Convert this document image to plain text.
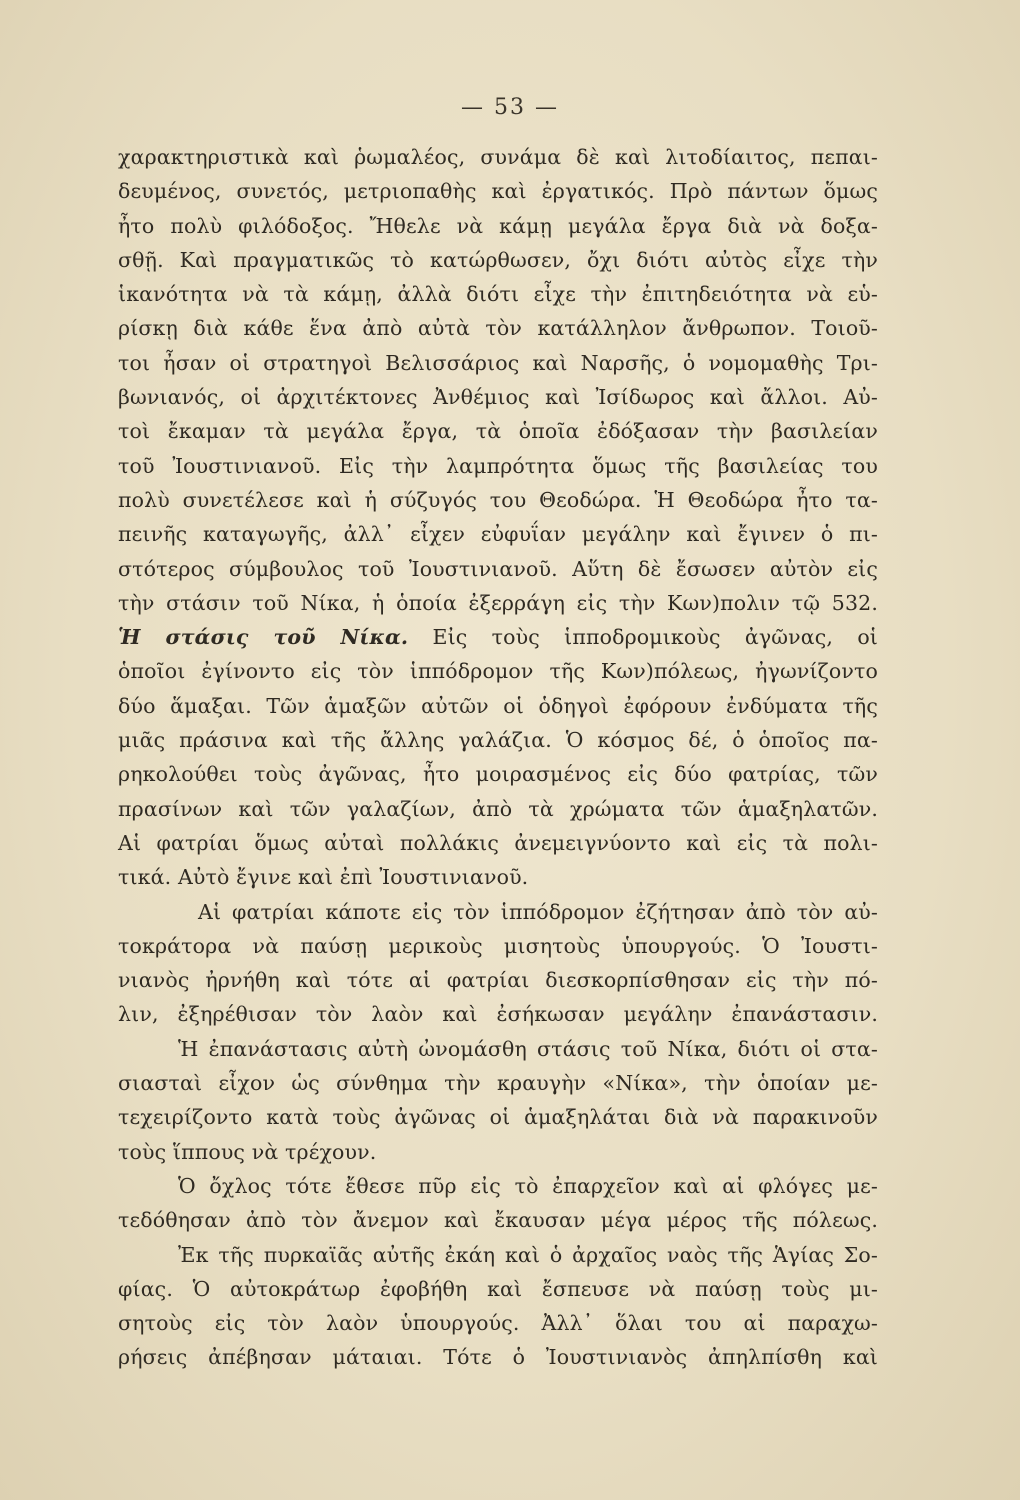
— 53 —
χαρακτηριστικὰ καὶ ῥωμαλέος, συνάμα δὲ καὶ λιτοδίαιτος, πεπαι-
δευμένος, συνετός, μετριοπαθὴς καὶ ἐργατικός. Πρὸ πάντων ὅμως
ἦτο πολὺ φιλόδοξος. Ἤθελε νὰ κάμῃ μεγάλα ἔργα διὰ νὰ δοξα-
σθῇ. Καὶ πραγματικῶς τὸ κατώρθωσεν, ὄχι διότι αὐτὸς εἶχε τὴν
ἱκανότητα νὰ τὰ κάμῃ, ἀλλὰ διότι εἶχε τὴν ἐπιτηδειότητα νὰ εὑ-
ρίσκῃ διὰ κάθε ἕνα ἀπὸ αὐτὰ τὸν κατάλληλον ἄνθρωπον. Τοιοῦ-
τοι ἦσαν οἱ στρατηγοὶ Βελισσάριος καὶ Ναρσῆς, ὁ νομομαθὴς Τρι-
βωνιανός, οἱ ἀρχιτέκτονες Ἀνθέμιος καὶ Ἰσίδωρος καὶ ἄλλοι. Αὐ-
τοὶ ἔκαμαν τὰ μεγάλα ἔργα, τὰ ὁποῖα ἐδόξασαν τὴν βασιλείαν
τοῦ Ἰουστινιανοῦ. Εἰς τὴν λαμπρότητα ὅμως τῆς βασιλείας του
πολὺ συνετέλεσε καὶ ἡ σύζυγός του Θεοδώρα. Ἡ Θεοδώρα ἦτο τα-
πεινῆς καταγωγῆς, ἀλλ᾽ εἶχεν εὐφυΐαν μεγάλην καὶ ἔγινεν ὁ πι-
στότερος σύμβουλος τοῦ Ἰουστινιανοῦ. Αὕτη δὲ ἔσωσεν αὐτὸν εἰς
τὴν στάσιν τοῦ Νίκα, ἡ ὁποία ἐξερράγη εἰς τὴν Κων)πολιν τῷ 532.
Ἡ στάσις τοῦ Νίκα. Εἰς τοὺς ἱπποδρομικοὺς ἀγῶνας, οἱ
ὁποῖοι ἐγίνοντο εἰς τὸν ἱππόδρομον τῆς Κων)πόλεως, ἠγωνίζοντο
δύο ἅμαξαι. Τῶν ἁμαξῶν αὐτῶν οἱ ὁδηγοὶ ἐφόρουν ἐνδύματα τῆς
μιᾶς πράσινα καὶ τῆς ἄλλης γαλάζια. Ὁ κόσμος δέ, ὁ ὁποῖος πα-
ρηκολούθει τοὺς ἀγῶνας, ἦτο μοιρασμένος εἰς δύο φατρίας, τῶν
πρασίνων καὶ τῶν γαλαζίων, ἀπὸ τὰ χρώματα τῶν ἁμαξηλατῶν.
Αἱ φατρίαι ὅμως αὐταὶ πολλάκις ἀνεμειγνύοντο καὶ εἰς τὰ πολι-
τικά. Αὐτὸ ἔγινε καὶ ἐπὶ Ἰουστινιανοῦ.
Αἱ φατρίαι κάποτε εἰς τὸν ἱππόδρομον ἐζήτησαν ἀπὸ τὸν αὐ-
τοκράτορα νὰ παύσῃ μερικοὺς μισητοὺς ὑπουργούς. Ὁ Ἰουστι-
νιανὸς ἠρνήθη καὶ τότε αἱ φατρίαι διεσκορπίσθησαν εἰς τὴν πό-
λιν, ἐξηρέθισαν τὸν λαὸν καὶ ἐσήκωσαν μεγάλην ἐπανάστασιν.
Ἡ ἐπανάστασις αὐτὴ ὠνομάσθη στάσις τοῦ Νίκα, διότι οἱ στα-
σιασταὶ εἶχον ὡς σύνθημα τὴν κραυγὴν «Νίκα», τὴν ὁποίαν με-
τεχειρίζοντο κατὰ τοὺς ἀγῶνας οἱ ἁμαξηλάται διὰ νὰ παρακινοῦν
τοὺς ἵππους νὰ τρέχουν.
Ὁ ὄχλος τότε ἔθεσε πῦρ εἰς τὸ ἐπαρχεῖον καὶ αἱ φλόγες με-
τεδόθησαν ἀπὸ τὸν ἄνεμον καὶ ἔκαυσαν μέγα μέρος τῆς πόλεως.
Ἐκ τῆς πυρκαϊᾶς αὐτῆς ἐκάη καὶ ὁ ἀρχαῖος ναὸς τῆς Ἁγίας Σο-
φίας. Ὁ αὐτοκράτωρ ἐφοβήθη καὶ ἔσπευσε νὰ παύσῃ τοὺς μι-
σητοὺς εἰς τὸν λαὸν ὑπουργούς. Ἀλλ᾽ ὅλαι του αἱ παραχω-
ρήσεις ἀπέβησαν μάταιαι. Τότε ὁ Ἰουστινιανὸς ἀπηλπίσθη καὶ
